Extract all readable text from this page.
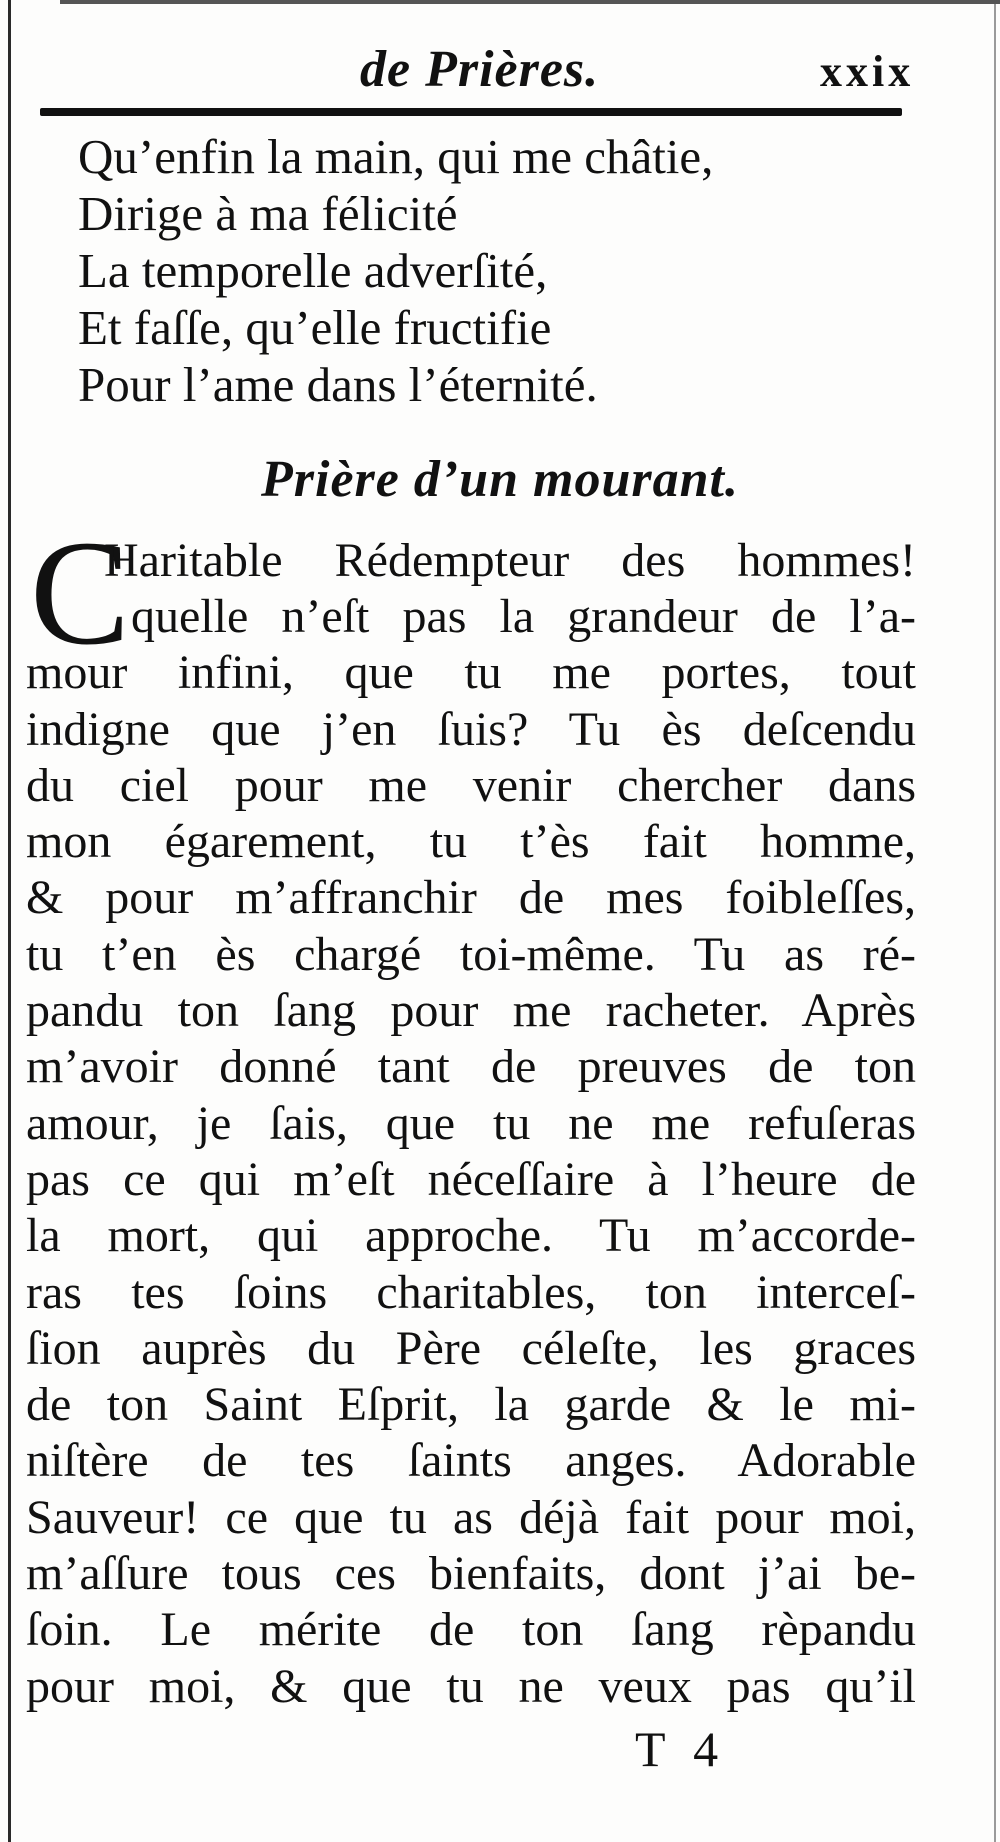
de Prières.	xxix
Qu’enfin la main, qui me châtie,
Dirige à ma félicité
La temporelle adverſité,
Et faſſe, qu’elle fructifie
Pour l’ame dans l’éternité.
Prière d’un mourant.
C
Haritable Rédempteur des hommes!
quelle n’eſt pas la grandeur de l’a-
mour infini, que tu me portes, tout
indigne que j’en ſuis? Tu ès deſcendu
du ciel pour me venir chercher dans
mon égarement, tu t’ès fait homme,
& pour m’affranchir de mes foibleſſes,
tu t’en ès chargé toi-même. Tu as ré-
pandu ton ſang pour me racheter. Après
m’avoir donné tant de preuves de ton
amour, je ſais, que tu ne me refuſeras
pas ce qui m’eſt néceſſaire à l’heure de
la mort, qui approche. Tu m’accorde-
ras tes ſoins charitables, ton interceſ-
ſion auprès du Père céleſte, les graces
de ton Saint Eſprit, la garde & le mi-
niſtère de tes ſaints anges. Adorable
Sauveur! ce que tu as déjà fait pour moi,
m’aſſure tous ces bienfaits, dont j’ai be-
ſoin. Le mérite de ton ſang rèpandu
pour moi, & que tu ne veux pas qu’il
T 4
